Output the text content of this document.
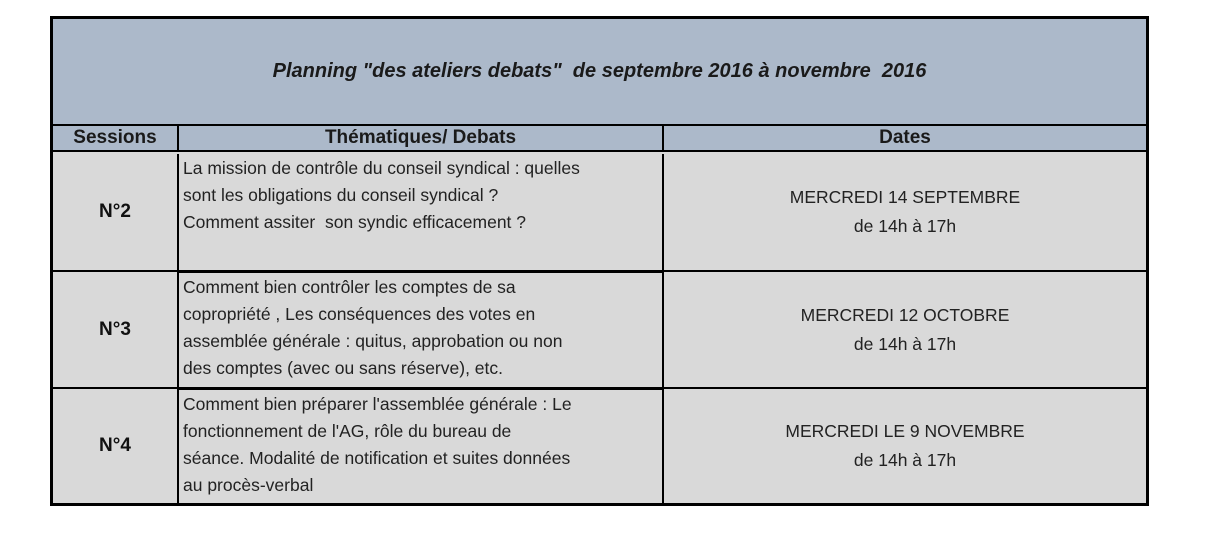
Planning "des ateliers debats"  de septembre 2016 à novembre  2016
Sessions	Thématiques/ Debats	Dates
N°2
La mission de contrôle du conseil syndical : quelles
sont les obligations du conseil syndical ?
Comment assiter  son syndic efficacement ?
MERCREDI 14 SEPTEMBRE
de 14h à 17h
N°3
Comment bien contrôler les comptes de sa
copropriété , Les conséquences des votes en
assemblée générale : quitus, approbation ou non
des comptes (avec ou sans réserve), etc.
MERCREDI 12 OCTOBRE
de 14h à 17h
N°4
Comment bien préparer l'assemblée générale : Le
fonctionnement de l'AG, rôle du bureau de
séance. Modalité de notification et suites données
au procès-verbal
MERCREDI LE 9 NOVEMBRE
de 14h à 17h
